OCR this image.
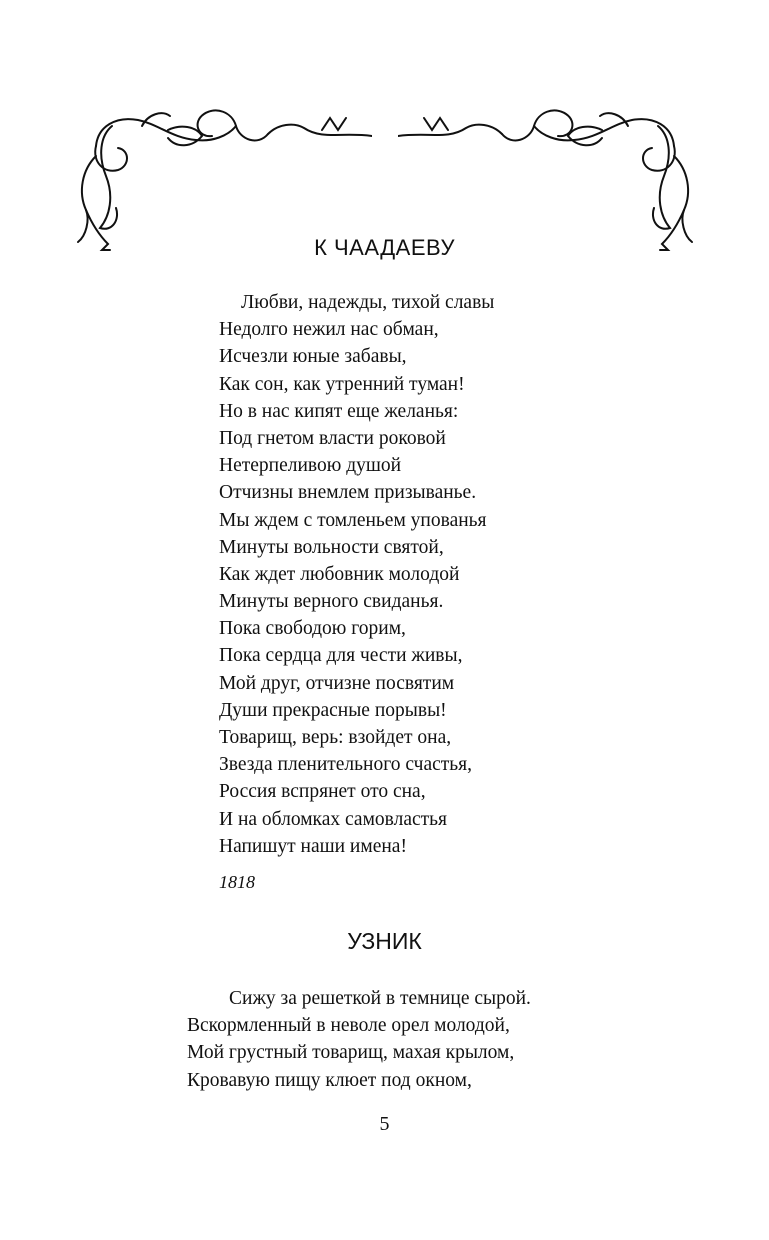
К ЧААДАЕВУ
Любви, надежды, тихой славы
Недолго нежил нас обман,
Исчезли юные забавы,
Как сон, как утренний туман!
Но в нас кипят еще желанья:
Под гнетом власти роковой
Нетерпеливою душой
Отчизны внемлем призыванье.
Мы ждем с томленьем упованья
Минуты вольности святой,
Как ждет любовник молодой
Минуты верного свиданья.
Пока свободою горим,
Пока сердца для чести живы,
Мой друг, отчизне посвятим
Души прекрасные порывы!
Товарищ, верь: взойдет она,
Звезда пленительного счастья,
Россия вспрянет ото сна,
И на обломках самовластья
Напишут наши имена!
1818
УЗНИК
Сижу за решеткой в темнице сырой.
Вскормленный в неволе орел молодой,
Мой грустный товарищ, махая крылом,
Кровавую пищу клюет под окном,
5
